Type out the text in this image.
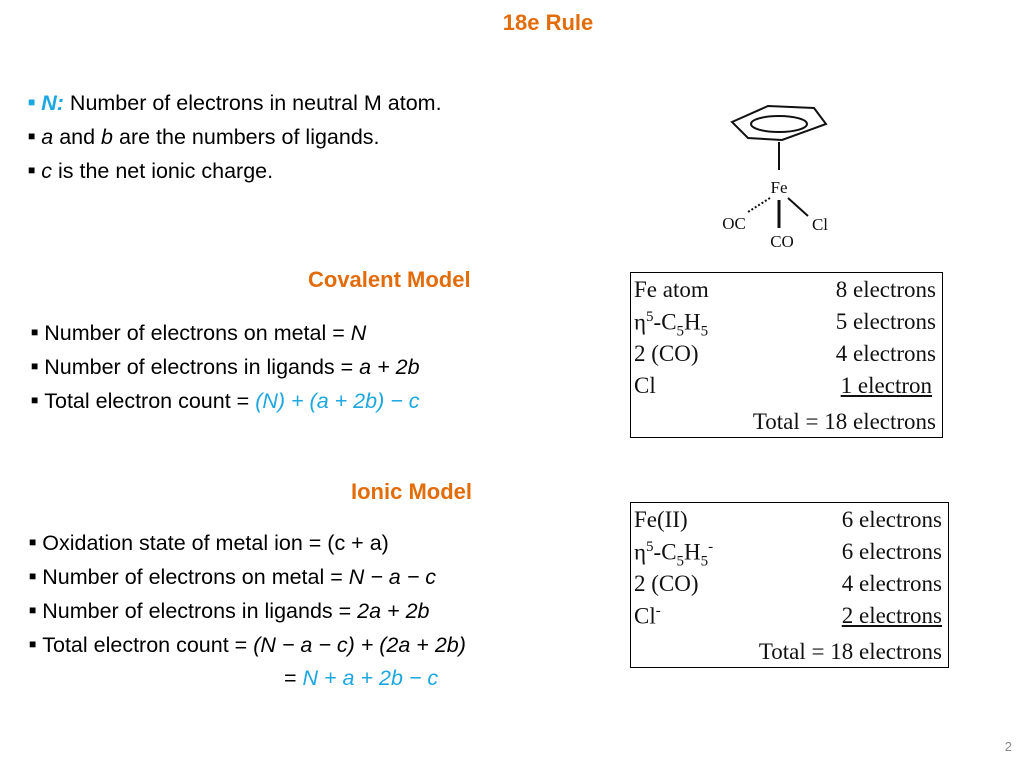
18e Rule
■ N: Number of electrons in neutral M atom.
■ a and b are the numbers of ligands.
■ c is the net ionic charge.
Fe
OC	Cl
CO
Covalent Model
■ Number of electrons on metal = N
■ Number of electrons in ligands = a + 2b
■ Total electron count = (N) + (a + 2b) − c
Fe atom	8 electrons
$\eta^5-C_5H_5$	5 electrons
2 (CO)	4 electrons
Cl	1 electron
Total = 18 electrons
Ionic Model
■ Oxidation state of metal ion = (c + a)
■ Number of electrons on metal = N − a − c
■ Number of electrons in ligands = 2a + 2b
■ Total electron count = (N − a − c) + (2a + 2b)
= N + a + 2b − c
Fe(II)	6 electrons
$\eta^5-C_5H_5^-$	6 electrons
2 (CO)	4 electrons
Cl-	2 electrons
Total = 18 electrons
2
